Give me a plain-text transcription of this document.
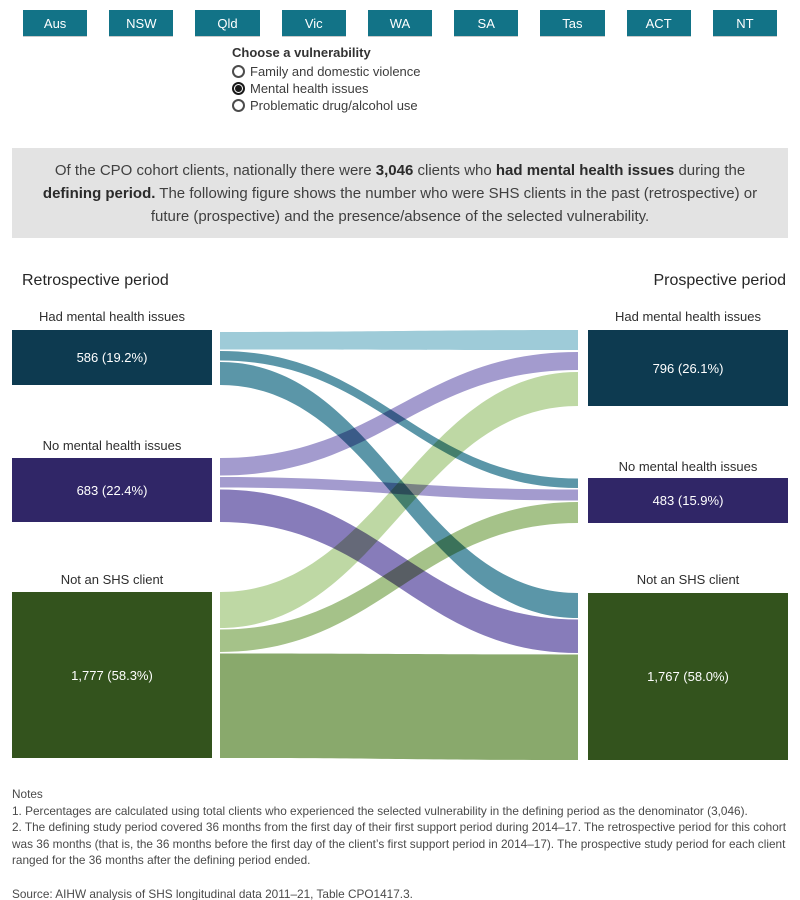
Aus	NSW	Qld	Vic	WA	SA	Tas	ACT	NT
Choose a vulnerability
Family and domestic violence
Mental health issues
Problematic drug/alcohol use

Of the CPO cohort clients, nationally there were 3,046 clients who had mental health issues during the defining period. The following figure shows the number who were SHS clients in the past (retrospective) or future (prospective) and the presence/absence of the selected vulnerability.

Retrospective period	Prospective period
Had mental health issues
586 (19.2%)
No mental health issues
683 (22.4%)
Not an SHS client
1,777 (58.3%)
Had mental health issues
796 (26.1%)
No mental health issues
483 (15.9%)
Not an SHS client
1,767 (58.0%)
Notes
1. Percentages are calculated using total clients who experienced the selected vulnerability in the defining period as the denominator (3,046).
2. The defining study period covered 36 months from the first day of their first support period during 2014–17. The retrospective period for this cohort was 36 months (that is, the 36 months before the first day of the client’s first support period in 2014–17). The prospective study period for each client ranged for the 36 months after the defining period ended.
Source: AIHW analysis of SHS longitudinal data 2011–21, Table CPO1417.3.
